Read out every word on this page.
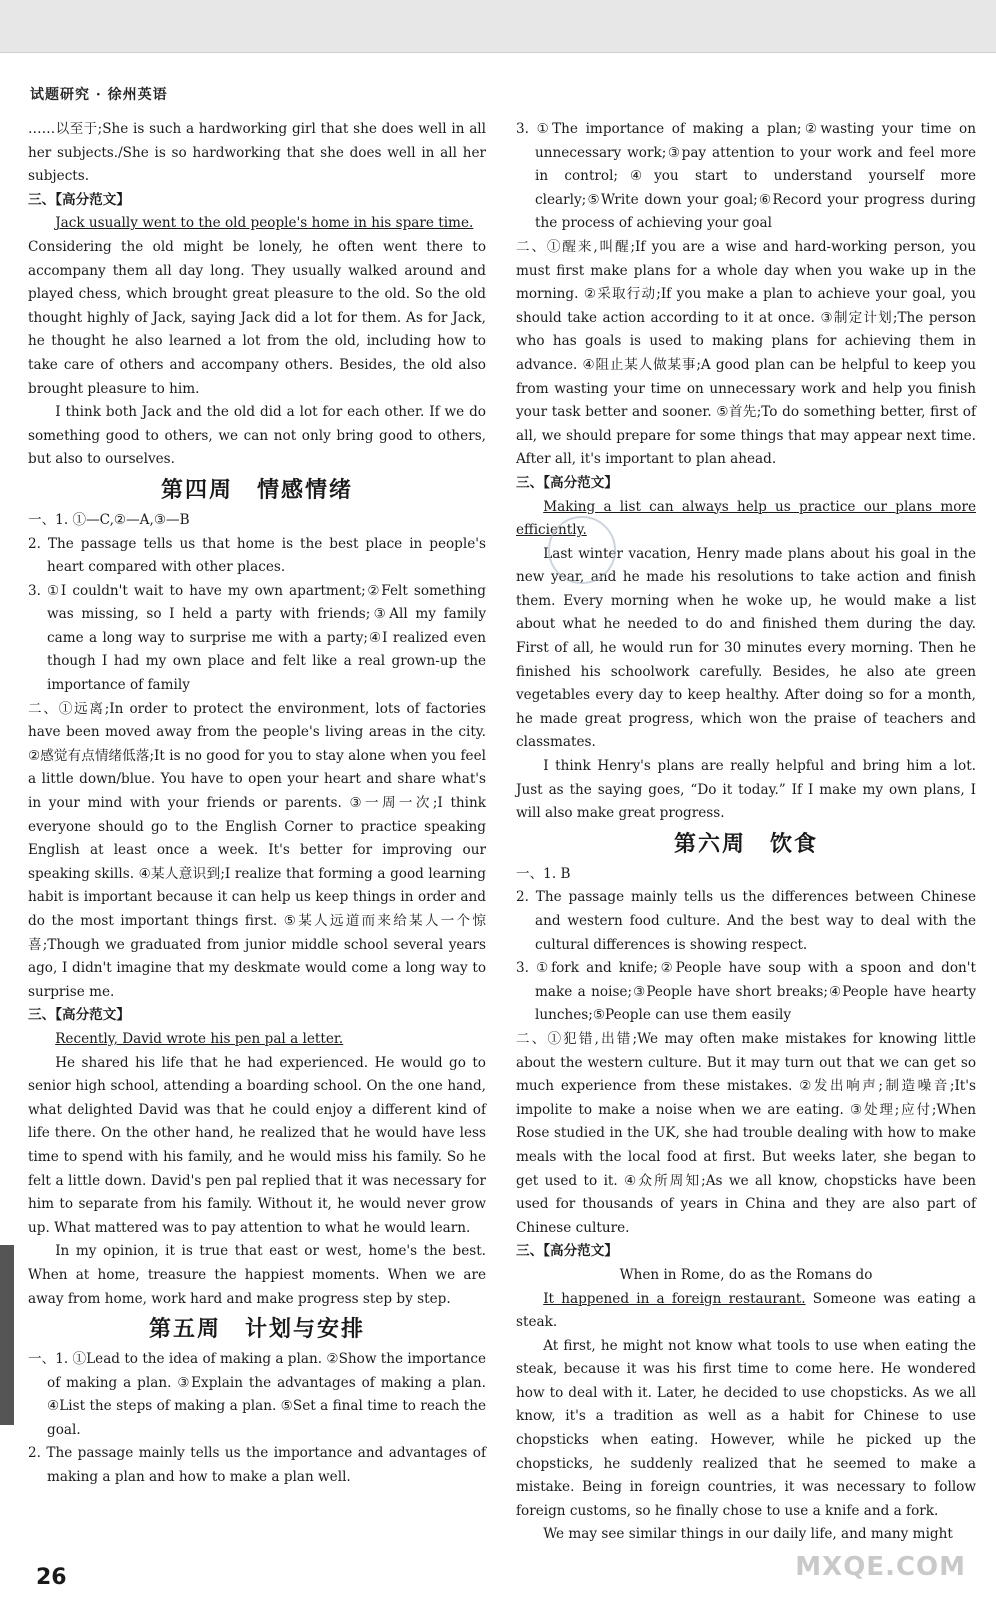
试题研究 · 徐州英语

……以至于;She is such a hardworking girl that she does well in all her subjects./She is so hardworking that she does well in all her subjects.

三、【高分范文】

Jack usually went to the old people's home in his spare time.

Considering the old might be lonely, he often went there to accompany them all day long. They usually walked around and played chess, which brought great pleasure to the old. So the old thought highly of Jack, saying Jack did a lot for them. As for Jack, he thought he also learned a lot from the old, including how to take care of others and accompany others. Besides, the old also brought pleasure to him.

I think both Jack and the old did a lot for each other. If we do something good to others, we can not only bring good to others, but also to ourselves.

第四周　情感情绪

一、1. ①—C,②—A,③—B

2. The passage tells us that home is the best place in people's heart compared with other places.

3. ①I couldn't wait to have my own apartment;②Felt something was missing, so I held a party with friends;③All my family came a long way to surprise me with a party;④I realized even though I had my own place and felt like a real grown-up the importance of family

二、①远离;In order to protect the environment, lots of factories have been moved away from the people's living areas in the city. ②感觉有点情绪低落;It is no good for you to stay alone when you feel a little down/blue. You have to open your heart and share what's in your mind with your friends or parents. ③一周一次;I think everyone should go to the English Corner to practice speaking English at least once a week. It's better for improving our speaking skills. ④某人意识到;I realize that forming a good learning habit is important because it can help us keep things in order and do the most important things first. ⑤某人远道而来给某人一个惊喜;Though we graduated from junior middle school several years ago, I didn't imagine that my deskmate would come a long way to surprise me.

三、【高分范文】

Recently, David wrote his pen pal a letter.

He shared his life that he had experienced. He would go to senior high school, attending a boarding school. On the one hand, what delighted David was that he could enjoy a different kind of life there. On the other hand, he realized that he would have less time to spend with his family, and he would miss his family. So he felt a little down. David's pen pal replied that it was necessary for him to separate from his family. Without it, he would never grow up. What mattered was to pay attention to what he would learn.

In my opinion, it is true that east or west, home's the best. When at home, treasure the happiest moments. When we are away from home, work hard and make progress step by step.

第五周　计划与安排

一、1. ①Lead to the idea of making a plan. ②Show the importance of making a plan. ③Explain the advantages of making a plan. ④List the steps of making a plan. ⑤Set a final time to reach the goal.

2. The passage mainly tells us the importance and advantages of making a plan and how to make a plan well.

3. ①The importance of making a plan;②wasting your time on unnecessary work;③pay attention to your work and feel more in control;④you start to understand yourself more clearly;⑤Write down your goal;⑥Record your progress during the process of achieving your goal

二、①醒来,叫醒;If you are a wise and hard-working person, you must first make plans for a whole day when you wake up in the morning. ②采取行动;If you make a plan to achieve your goal, you should take action according to it at once. ③制定计划;The person who has goals is used to making plans for achieving them in advance. ④阻止某人做某事;A good plan can be helpful to keep you from wasting your time on unnecessary work and help you finish your task better and sooner. ⑤首先;To do something better, first of all, we should prepare for some things that may appear next time. After all, it's important to plan ahead.

三、【高分范文】

Making a list can always help us practice our plans more efficiently.

Last winter vacation, Henry made plans about his goal in the new year, and he made his resolutions to take action and finish them. Every morning when he woke up, he would make a list about what he needed to do and finished them during the day. First of all, he would run for 30 minutes every morning. Then he finished his schoolwork carefully. Besides, he also ate green vegetables every day to keep healthy. After doing so for a month, he made great progress, which won the praise of teachers and classmates.

I think Henry's plans are really helpful and bring him a lot. Just as the saying goes, “Do it today.” If I make my own plans, I will also make great progress.

第六周　饮食

一、1. B

2. The passage mainly tells us the differences between Chinese and western food culture. And the best way to deal with the cultural differences is showing respect.

3. ①fork and knife;②People have soup with a spoon and don't make a noise;③People have short breaks;④People have hearty lunches;⑤People can use them easily

二、①犯错,出错;We may often make mistakes for knowing little about the western culture. But it may turn out that we can get so much experience from these mistakes. ②发出响声;制造噪音;It's impolite to make a noise when we are eating. ③处理;应付;When Rose studied in the UK, she had trouble dealing with how to make meals with the local food at first. But weeks later, she began to get used to it. ④众所周知;As we all know, chopsticks have been used for thousands of years in China and they are also part of Chinese culture.

三、【高分范文】

When in Rome, do as the Romans do

It happened in a foreign restaurant. Someone was eating a steak.

At first, he might not know what tools to use when eating the steak, because it was his first time to come here. He wondered how to deal with it. Later, he decided to use chopsticks. As we all know, it's a tradition as well as a habit for Chinese to use chopsticks when eating. However, while he picked up the chopsticks, he suddenly realized that he seemed to make a mistake. Being in foreign countries, it was necessary to follow foreign customs, so he finally chose to use a knife and a fork.

We may see similar things in our daily life, and many might

26	MXQE.COM
